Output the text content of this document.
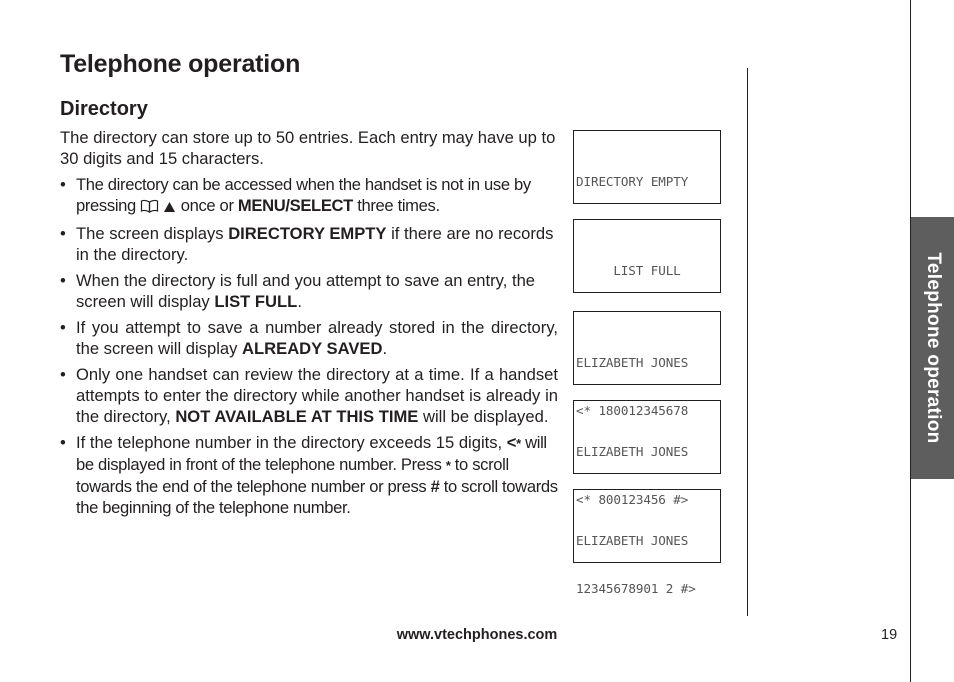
Telephone operation
Directory

The directory can store up to 50 entries. Each entry may have up to 30 digits and 15 characters.

• The directory can be accessed when the handset is not in use by pressing	once or MENU/SELECT three times.
• The screen displays DIRECTORY EMPTY if there are no records in the directory.
• When the directory is full and you attempt to save an entry, the screen will display LIST FULL.
• If you attempt to save a number already stored in the directory, the screen will display ALREADY SAVED.
• Only one handset can review the directory at a time. If a handset attempts to enter the directory while another handset is already in the directory, NOT AVAILABLE AT THIS TIME will be displayed.
• If the telephone number in the directory exceeds 15 digits, <* will be displayed in front of the telephone number. Press * to scroll towards the end of the telephone number or press # to scroll towards the beginning of the telephone number.

DIRECTORY EMPTY

LIST FULL

ELIZABETH JONES

<* 180012345678

ELIZABETH JONES

<* 800123456 #>

ELIZABETH JONES

12345678901 2 #>

Telephone operation
www.vtechphones.com	19
